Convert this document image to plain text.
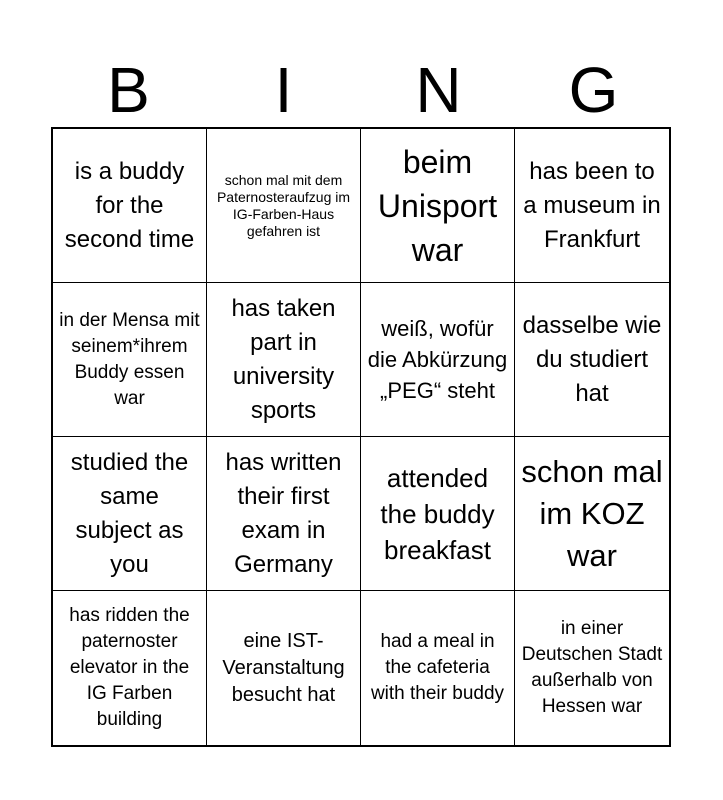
B	I	N	G
is a buddy for the second time
schon mal mit dem Paternosteraufzug im IG-Farben-Haus gefahren ist
beim Unisport war
has been to a museum in Frankfurt
in der Mensa mit seinem*ihrem Buddy essen war
has taken part in university sports
weiß, wofür die Abkürzung „PEG“ steht
dasselbe wie du studiert hat
studied the same subject as you
has written their first exam in Germany
attended the buddy breakfast
schon mal im KOZ war
has ridden the paternoster elevator in the IG Farben building
eine IST-Veranstaltung besucht hat
had a meal in the cafeteria with their buddy
in einer Deutschen Stadt außerhalb von Hessen war
